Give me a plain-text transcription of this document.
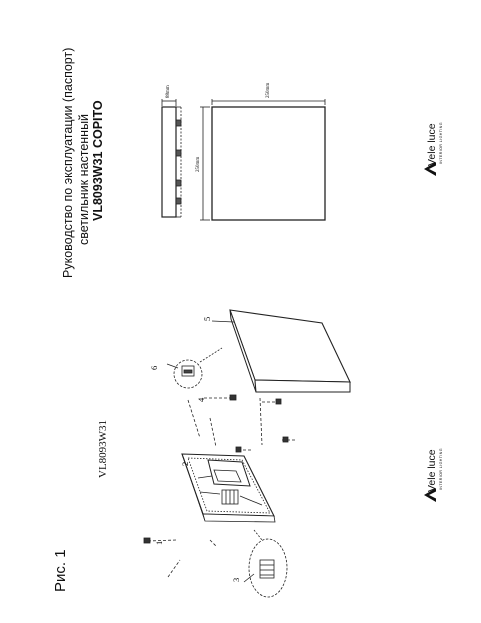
Руководство по эксплуатации (паспорт) светильник настенный VL8093W31 COPITO
Рис. 1
VL8093W31
Vele luce INTERIOR LIGHTING
Vele luce INTERIOR LIGHTING
88mm	250mm
250mm
1
2
3
4
5
6
